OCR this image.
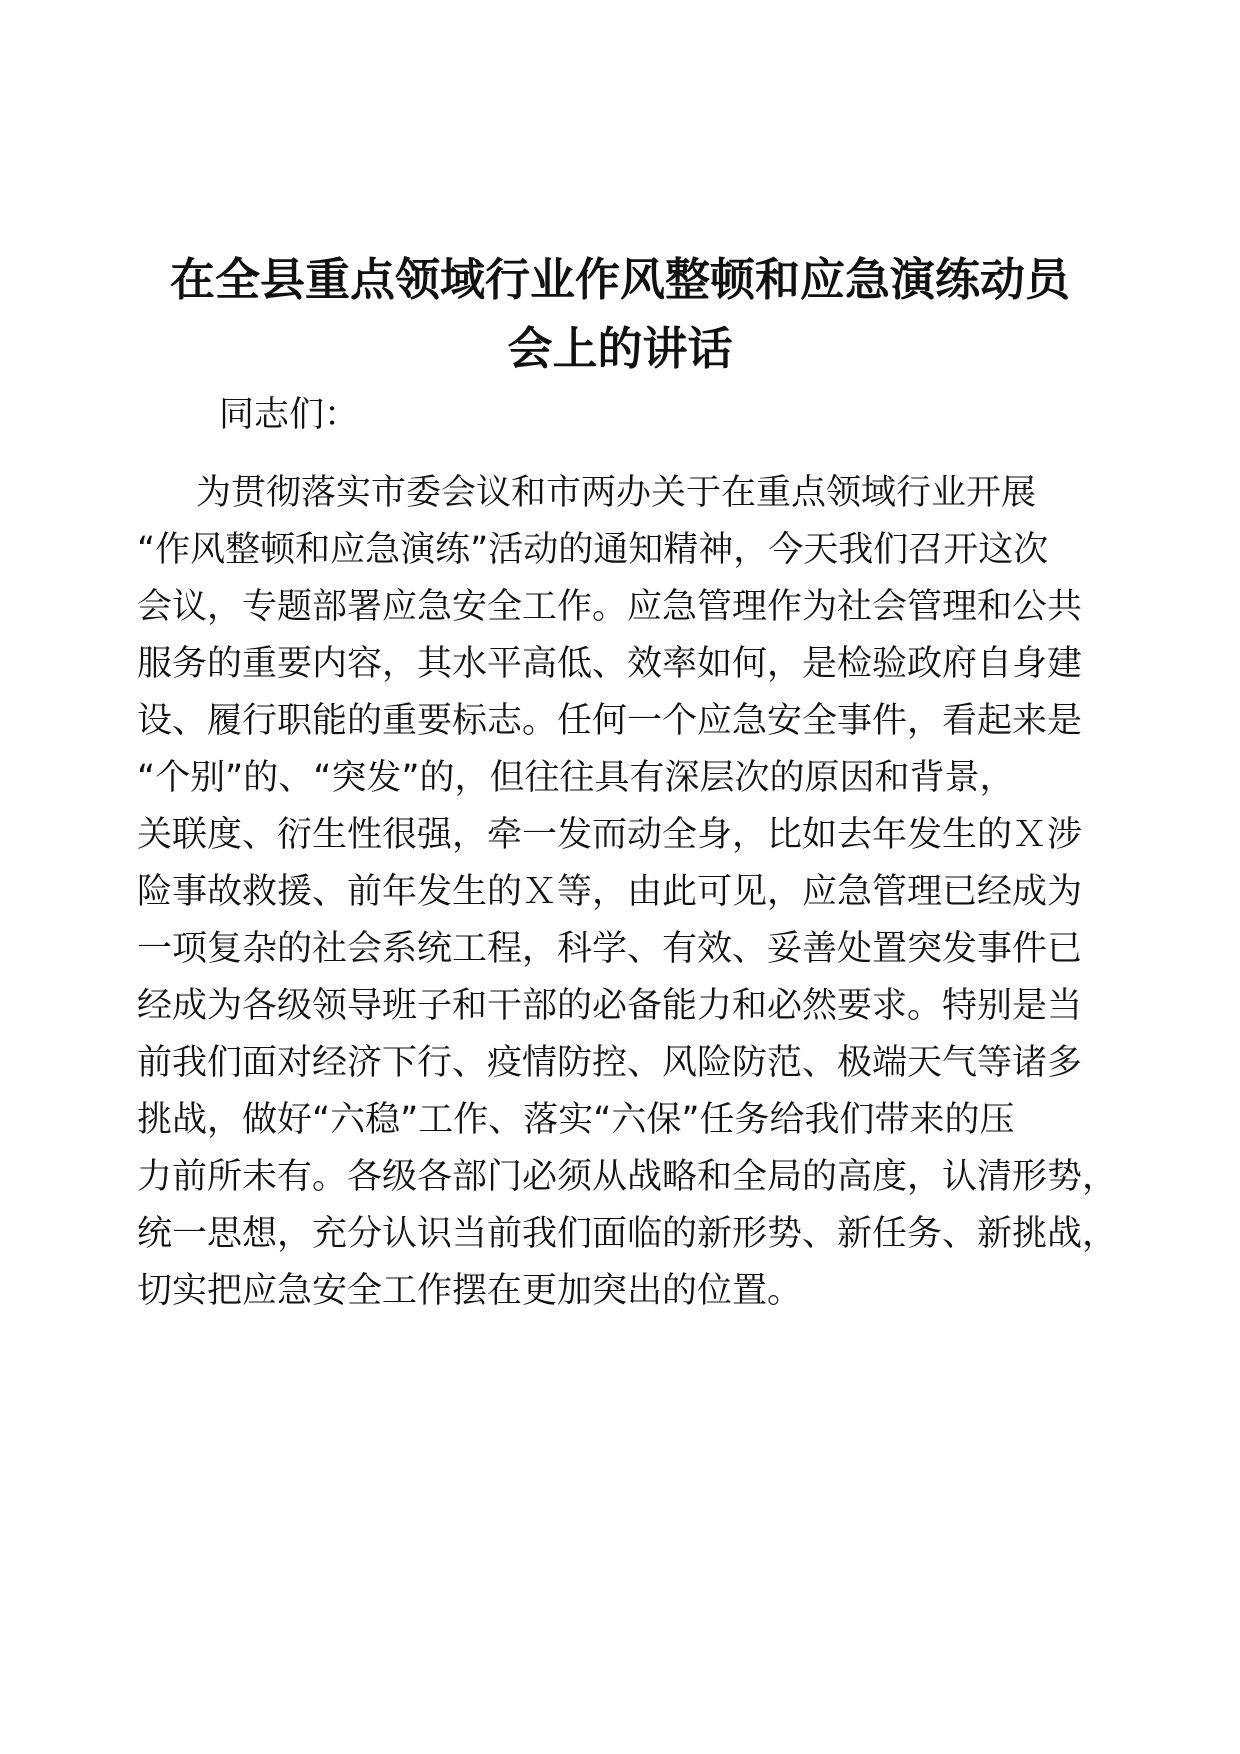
在全县重点领域行业作风整顿和应急演练动员
会上的讲话

同志们：

为贯彻落实市委会议和市两办关于在重点领域行业开展

“作风整顿和应急演练”活动的通知精神，今天我们召开这次

会议，专题部署应急安全工作。应急管理作为社会管理和公共

服务的重要内容，其水平高低、效率如何，是检验政府自身建

设、履行职能的重要标志。任何一个应急安全事件，看起来是

“个别”的、“突发”的，但往往具有深层次的原因和背景，

关联度、衍生性很强，牵一发而动全身，比如去年发生的Ｘ涉

险事故救援、前年发生的Ｘ等，由此可见，应急管理已经成为

一项复杂的社会系统工程，科学、有效、妥善处置突发事件已

经成为各级领导班子和干部的必备能力和必然要求。特别是当

前我们面对经济下行、疫情防控、风险防范、极端天气等诸多

挑战，做好“六稳”工作、落实“六保”任务给我们带来的压

力前所未有。各级各部门必须从战略和全局的高度，认清形势，

统一思想，充分认识当前我们面临的新形势、新任务、新挑战，

切实把应急安全工作摆在更加突出的位置。
